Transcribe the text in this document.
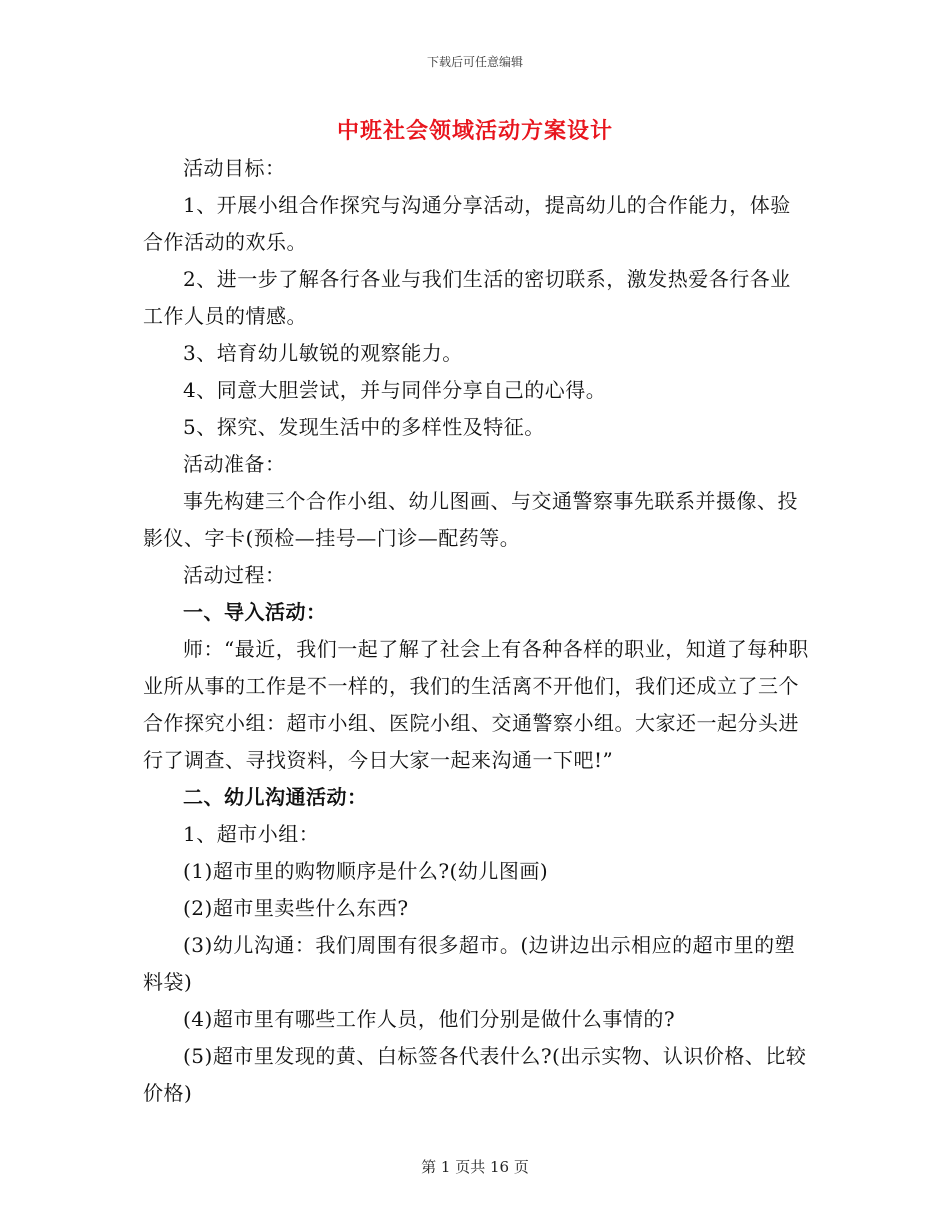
下载后可任意编辑
中班社会领域活动方案设计

活动目标：

1、开展小组合作探究与沟通分享活动，提高幼儿的合作能力，体验合作活动的欢乐。

2、进一步了解各行各业与我们生活的密切联系，激发热爱各行各业工作人员的情感。

3、培育幼儿敏锐的观察能力。

4、同意大胆尝试，并与同伴分享自己的心得。

5、探究、发现生活中的多样性及特征。

活动准备：

事先构建三个合作小组、幼儿图画、与交通警察事先联系并摄像、投影仪、字卡(预检—挂号—门诊—配药等。

活动过程：

一、导入活动：

师：“最近，我们一起了解了社会上有各种各样的职业，知道了每种职业所从事的工作是不一样的，我们的生活离不开他们，我们还成立了三个合作探究小组：超市小组、医院小组、交通警察小组。大家还一起分头进行了调查、寻找资料，今日大家一起来沟通一下吧!”

二、幼儿沟通活动：

1、超市小组：

(1)超市里的购物顺序是什么?(幼儿图画)

(2)超市里卖些什么东西?

(3)幼儿沟通：我们周围有很多超市。(边讲边出示相应的超市里的塑料袋)

(4)超市里有哪些工作人员，他们分别是做什么事情的?

(5)超市里发现的黄、白标签各代表什么?(出示实物、认识价格、比较价格)

第 1 页共 16 页
